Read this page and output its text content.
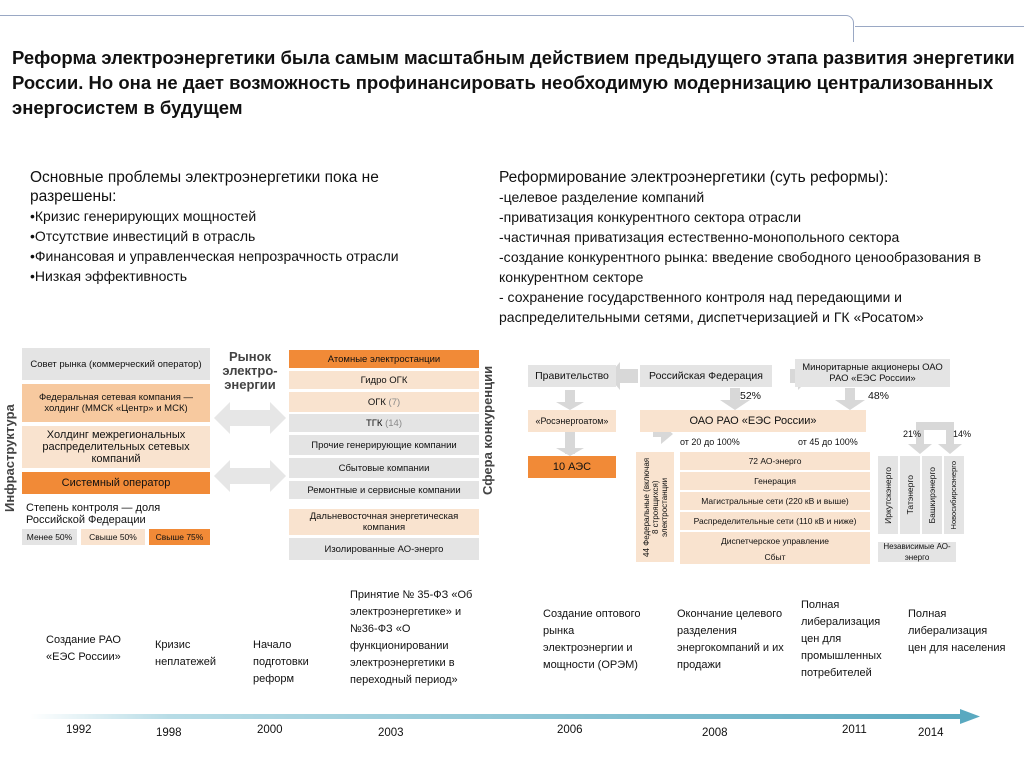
Реформа электроэнергетики была самым масштабным действием предыдущего этапа развития энергетики России. Но она не дает возможность профинансировать необходимую модернизацию централизованных энергосистем в будущем
Основные проблемы электроэнергетики пока не разрешены:
•Кризис генерирующих мощностей
•Отсутствие инвестиций в отрасль
•Финансовая и управленческая непрозрачность отрасли
•Низкая эффективность
Реформирование электроэнергетики (суть реформы):
-целевое разделение компаний
-приватизация конкурентного сектора отрасли
-частичная приватизация естественно-монопольного сектора
-создание конкурентного рынка: введение свободного ценообразования в конкурентном секторе
- сохранение государственного контроля над передающими и распределительными сетями, диспетчеризацией и ГК «Росатом»
Инфраструктура
Совет рынка (коммерческий оператор)
Федеральная сетевая компания — холдинг (ММСК «Центр» и МСК)
Холдинг межрегиональных распределительных сетевых компаний
Системный оператор
Степень контроля — доля Российской Федерации
Менее 50%	Свыше 50%	Свыше 75%
Рынок электро-энергии
Атомные электростанции
Гидро ОГК
ОГК
(7)
ТГК
(14)
Прочие генерирующие компании
Сбытовые компании
Ремонтные и сервисные компании
Дальневосточная энергетическая компания
Изолированные АО-энерго
Сфера конкуренции	Правительство	Российская Федерация
Миноритарные акционеры ОАО РАО «ЕЭС России»
52%	48%
«Росэнергоатом»	ОАО РАО «ЕЭС России»
от 20 до 100%	от 45 до 100%
21%	14%
10 АЭС	44 Федеральные (включая 8 строящихся) электростанции
72 АО-энерго
Генерация
Магистральные сети (220 кВ и выше)
Распределительные сети (110 кВ и ниже)
Диспетчерское управление
Сбыт
Иркутскэнерго Татэнерго Башкирэнерго Новосибирскэнерго
Независимые АО-энерго
Создание РАО «ЕЭС России»
Кризис неплатежей
Начало подготовки реформ
Принятие № 35-ФЗ «Об электроэнергетике» и №36-ФЗ «О функционировании электроэнергетики в переходный период»
Создание оптового рынка электроэнергии и мощности (ОРЭМ)
Окончание целевого разделения энергокомпаний и их продажи
Полная либерализация цен для промышленных потребителей
Полная либерализация цен для населения
1992	1998	2000	2003	2006	2008	2011	2014
